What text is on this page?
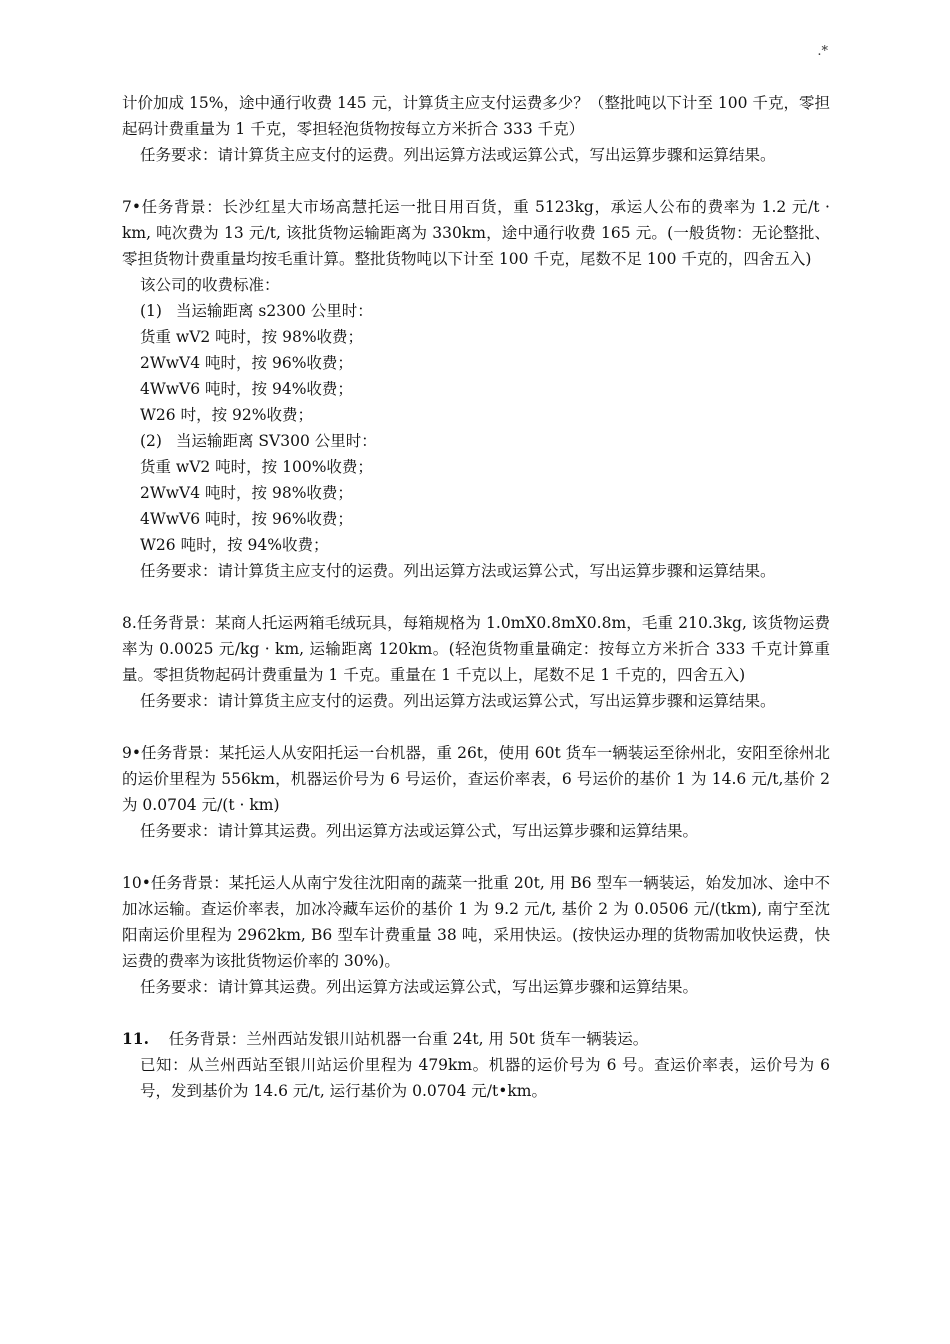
.*

计价加成 15%，途中通行收费 145 元，计算货主应支付运费多少？（整批吨以下计至 100 千克，零担起码计费重量为 1 千克，零担轻泡货物按每立方米折合 333 千克）

任务要求：请计算货主应支付的运费。列出运算方法或运算公式，写出运算步骤和运算结果。

7•任务背景：长沙红星大市场高慧托运一批日用百货，重 5123kg，承运人公布的费率为 1.2 元/t · km, 吨次费为 13 元/t, 该批货物运输距离为 330km，途中通行收费 165 元。(一般货物：无论整批、零担货物计费重量均按毛重计算。整批货物吨以下计至 100 千克，尾数不足 100 千克的，四舍五入)

该公司的收费标准：

(1) 当运输距离 s2300 公里时：

货重 wV2 吨时，按 98%收费；

2WwV4 吨时，按 96%收费；

4WwV6 吨时，按 94%收费；

W26 吋，按 92%收费；

(2) 当运输距离 SV300 公里时：

货重 wV2 吨时，按 100%收费；

2WwV4 吨时，按 98%收费；

4WwV6 吨时，按 96%收费；

W26 吨时，按 94%收费；

任务要求：请计算货主应支付的运费。列出运算方法或运算公式，写出运算步骤和运算结果。

8.任务背景：某商人托运两箱毛绒玩具，每箱规格为 1.0mX0.8mX0.8m，毛重 210.3kg, 该货物运费率为 0.0025 元/kg · km, 运输距离 120km。(轻泡货物重量确定：按每立方米折合 333 千克计算重量。零担货物起码计费重量为 1 千克。重量在 1 千克以上，尾数不足 1 千克的，四舍五入)

任务要求：请计算货主应支付的运费。列出运算方法或运算公式，写出运算步骤和运算结果。

9•任务背景：某托运人从安阳托运一台机器，重 26t，使用 60t 货车一辆装运至徐州北，安阳至徐州北的运价里程为 556km，机器运价号为 6 号运价，查运价率表，6 号运价的基价 1 为 14.6 元/t,基价 2 为 0.0704 元/(t · km)

任务要求：请计算其运费。列出运算方法或运算公式，写出运算步骤和运算结果。

10•任务背景：某托运人从南宁发往沈阳南的蔬菜一批重 20t, 用 B6 型车一辆装运，始发加冰、途中不加冰运输。查运价率表，加冰冷藏车运价的基价 1 为 9.2 元/t, 基价 2 为 0.0506 元/(tkm), 南宁至沈阳南运价里程为 2962km, B6 型车计费重量 38 吨，采用快运。(按快运办理的货物需加收快运费，快运费的费率为该批货物运价率的 30%)。

任务要求：请计算其运费。列出运算方法或运算公式，写出运算步骤和运算结果。

11. 任务背景：兰州西站发银川站机器一台重 24t, 用 50t 货车一辆装运。

已知：从兰州西站至银川站运价里程为 479km。机器的运价号为 6 号。查运价率表，运价号为 6 号，发到基价为 14.6 元/t, 运行基价为 0.0704 元/t•km。
